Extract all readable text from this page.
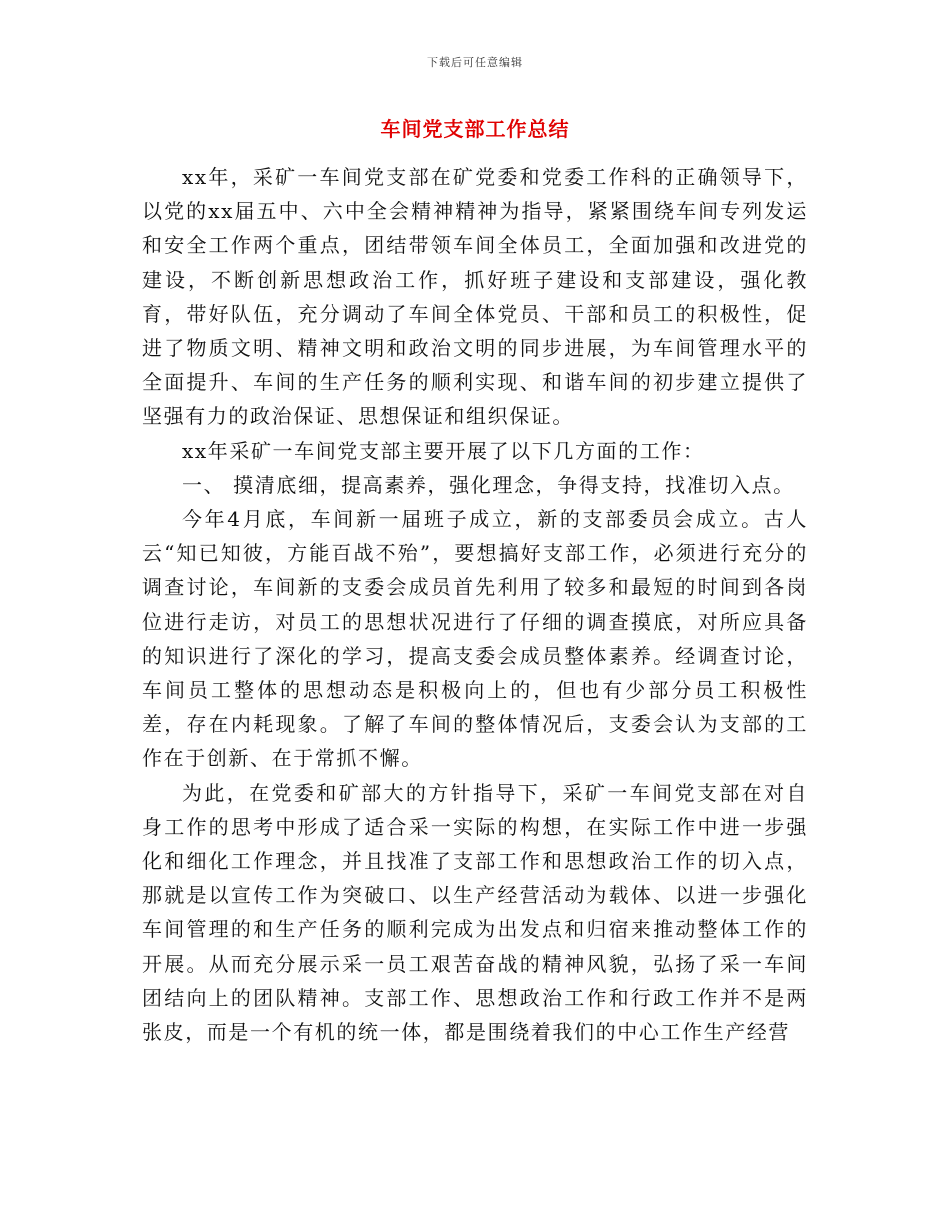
下载后可任意编辑
车间党支部工作总结

xx年，采矿一车间党支部在矿党委和党委工作科的正确领导下，以党的xx届五中、六中全会精神精神为指导，紧紧围绕车间专列发运和安全工作两个重点，团结带领车间全体员工，全面加强和改进党的建设，不断创新思想政治工作，抓好班子建设和支部建设，强化教育，带好队伍，充分调动了车间全体党员、干部和员工的积极性，促进了物质文明、精神文明和政治文明的同步进展，为车间管理水平的全面提升、车间的生产任务的顺利实现、和谐车间的初步建立提供了坚强有力的政治保证、思想保证和组织保证。

xx年采矿一车间党支部主要开展了以下几方面的工作：

一、 摸清底细，提高素养，强化理念，争得支持，找准切入点。

今年4月底，车间新一届班子成立，新的支部委员会成立。古人云“知已知彼，方能百战不殆”，要想搞好支部工作，必须进行充分的调查讨论，车间新的支委会成员首先利用了较多和最短的时间到各岗位进行走访，对员工的思想状况进行了仔细的调查摸底，对所应具备的知识进行了深化的学习，提高支委会成员整体素养。经调查讨论，车间员工整体的思想动态是积极向上的，但也有少部分员工积极性差，存在内耗现象。了解了车间的整体情况后，支委会认为支部的工作在于创新、在于常抓不懈。

为此，在党委和矿部大的方针指导下，采矿一车间党支部在对自身工作的思考中形成了适合采一实际的构想，在实际工作中进一步强化和细化工作理念，并且找准了支部工作和思想政治工作的切入点，那就是以宣传工作为突破口、以生产经营活动为载体、以进一步强化车间管理的和生产任务的顺利完成为出发点和归宿来推动整体工作的开展。从而充分展示采一员工艰苦奋战的精神风貌，弘扬了采一车间团结向上的团队精神。支部工作、思想政治工作和行政工作并不是两张皮，而是一个有机的统一体，都是围绕着我们的中心工作生产经营
